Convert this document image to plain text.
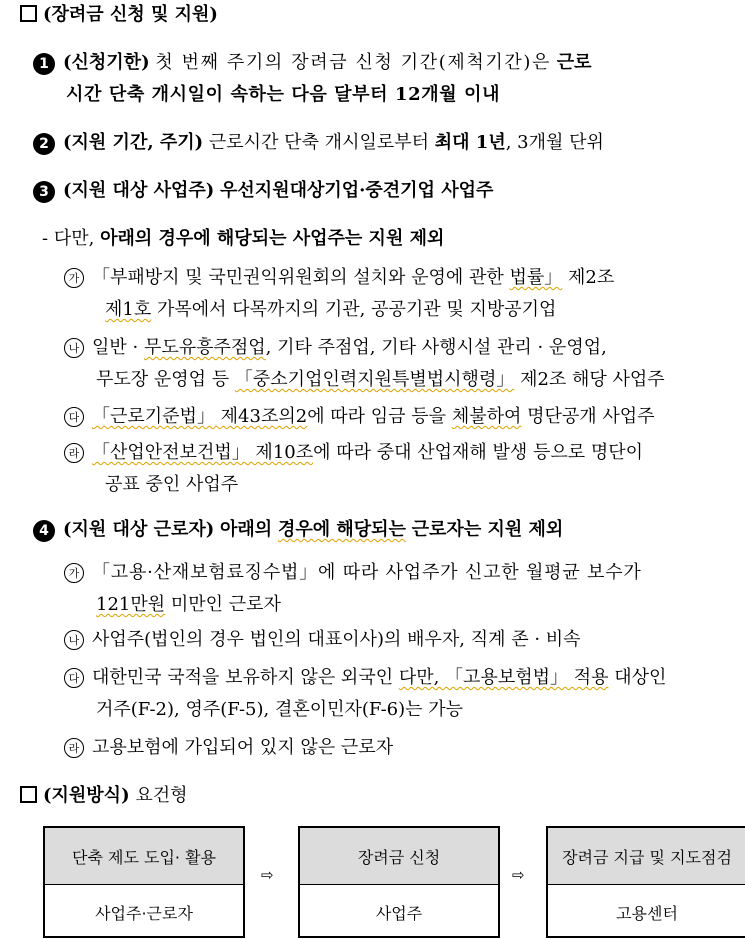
(장려금 신청 및 지원)
1 (신청기한) 첫 번째 주기의 장려금 신청 기간(제척기간)은 근로
시간 단축 개시일이 속하는 다음 달부터 12개월 이내
2 (지원 기간, 주기) 근로시간 단축 개시일로부터 최대 1년, 3개월 단위
3 (지원 대상 사업주) 우선지원대상기업·중견기업 사업주
- 다만, 아래의 경우에 해당되는 사업주는 지원 제외
가 「부패방지 및 국민권익위원회의 설치와 운영에 관한 법률」 제2조
제1호 가목에서 다목까지의 기관, 공공기관 및 지방공기업
나 일반 · 무도유흥주점업, 기타 주점업, 기타 사행시설 관리 · 운영업,
무도장 운영업 등 「중소기업인력지원특별법시행령」 제2조 해당 사업주
다 「근로기준법」 제43조의2에 따라 임금 등을 체불하여 명단공개 사업주
라 「산업안전보건법」 제10조에 따라 중대 산업재해 발생 등으로 명단이
공표 중인 사업주
4 (지원 대상 근로자) 아래의 경우에 해당되는 근로자는 지원 제외
가 「고용·산재보험료징수법」에 따라 사업주가 신고한 월평균 보수가
121만원 미만인 근로자
나 사업주(법인의 경우 법인의 대표이사)의 배우자, 직계 존 · 비속
다 대한민국 국적을 보유하지 않은 외국인 다만, 「고용보험법」 적용 대상인
거주(F-2), 영주(F-5), 결혼이민자(F-6)는 가능
라 고용보험에 가입되어 있지 않은 근로자
(지원방식) 요건형
단축 제도 도입· 활용
사업주·근로자
⇨
장려금 신청
사업주
⇨
장려금 지급 및 지도점검
고용센터
